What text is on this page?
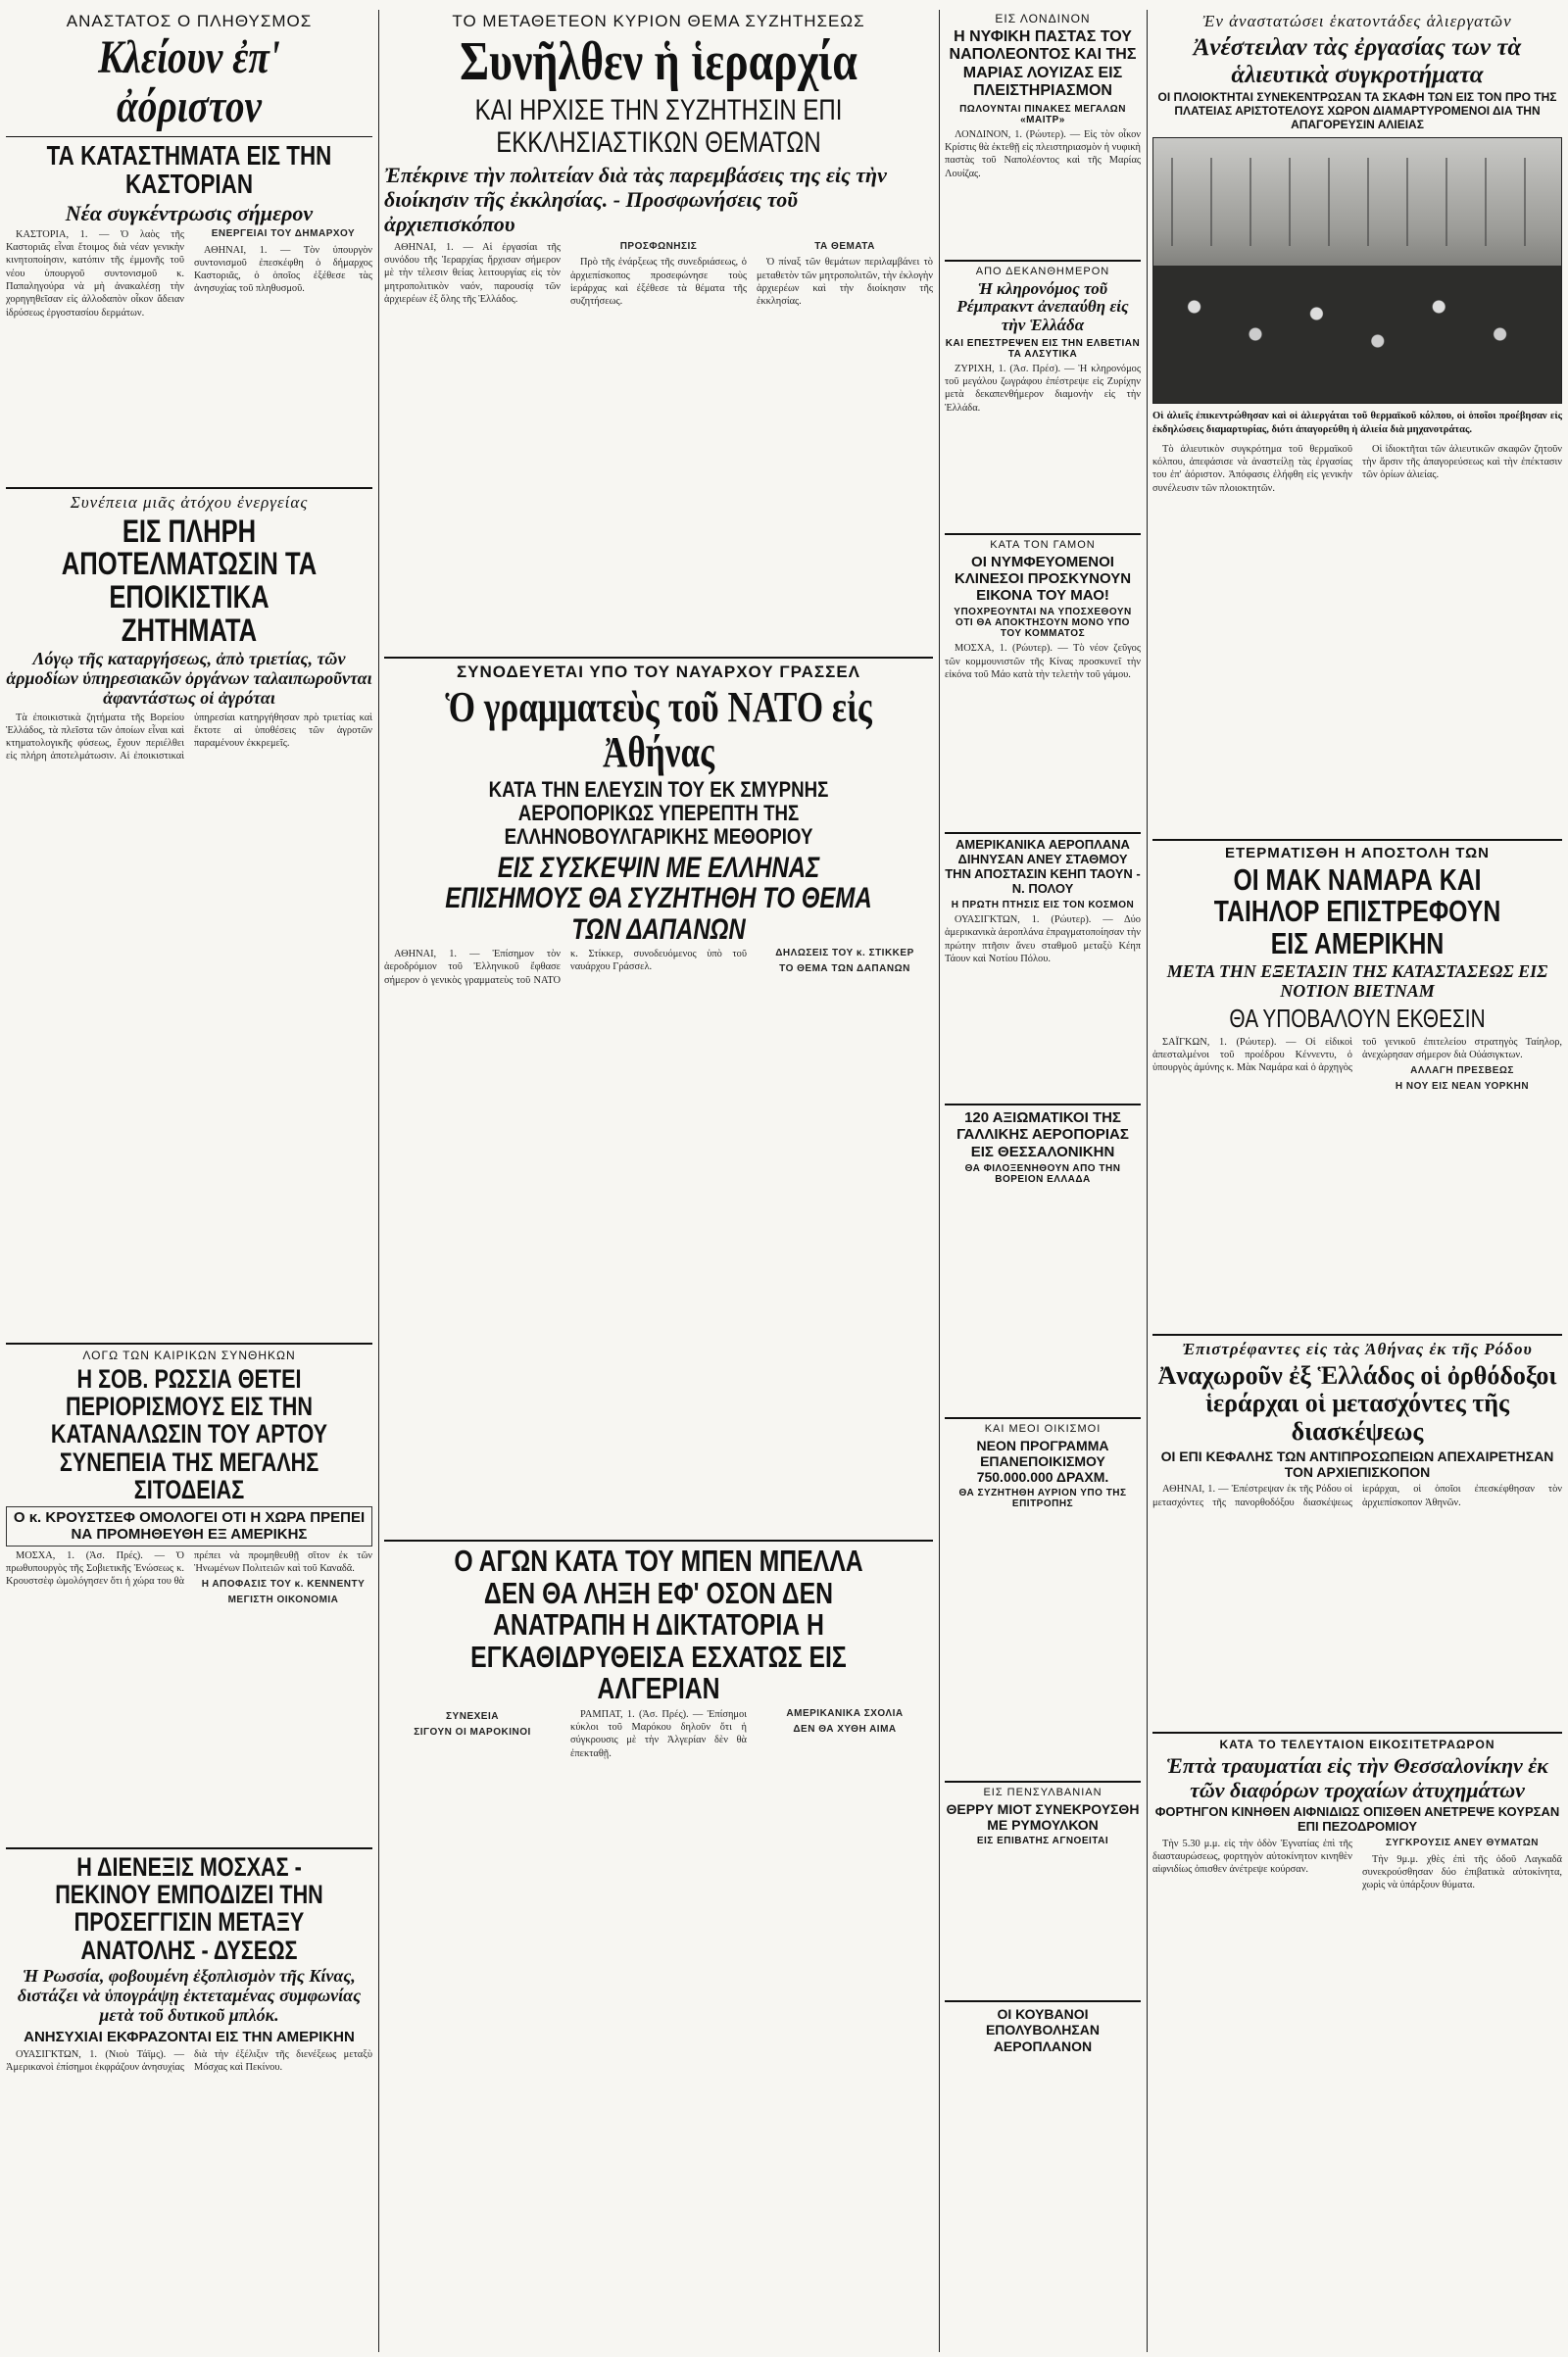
ΑΝΑΣΤΑΤΟΣ Ο ΠΛΗΘΥΣΜΟΣ
Κλείουν ἐπ' ἀόριστον
ΤΑ ΚΑΤΑΣΤΗΜΑΤΑ ΕΙΣ ΤΗΝ ΚΑΣΤΟΡΙΑΝ
Νέα συγκέντρωσις σήμερον

ΚΑΣΤΟΡΙΑ, 1. — Ὁ λαὸς τῆς Καστοριᾶς εἶναι ἕτοιμος διὰ νέαν γενικὴν κινητοποίησιν, κατόπιν τῆς ἐμμονῆς τοῦ νέου ὑπουργοῦ συντονισμοῦ κ. Παπαληγούρα νὰ μὴ ἀνακαλέσῃ τὴν χορηγηθεῖσαν εἰς ἀλλοδαπὸν οἶκον ἄδειαν ἱδρύσεως ἐργοστασίου δερμάτων.

ΕΝΕΡΓΕΙΑΙ ΤΟΥ ΔΗΜΑΡΧΟΥ

ΑΘΗΝΑΙ, 1. — Τὸν ὑπουργὸν συντονισμοῦ ἐπεσκέφθη ὁ δήμαρχος Καστοριᾶς, ὁ ὁποῖος ἐξέθεσε τὰς ἀνησυχίας τοῦ πληθυσμοῦ.

Συνέπεια μιᾶς ἀτόχου ἐνεργείας
ΕΙΣ ΠΛΗΡΗ ΑΠΟΤΕΛΜΑΤΩΣΙΝ ΤΑ ΕΠΟΙΚΙΣΤΙΚΑ ΖΗΤΗΜΑΤΑ
Λόγῳ τῆς καταργήσεως, ἀπὸ τριετίας, τῶν ἁρμοδίων ὑπηρεσιακῶν ὀργάνων ταλαιπωροῦνται ἀφαντάστως οἱ ἀγρόται

Τὰ ἐποικιστικὰ ζητήματα τῆς Βορείου Ἑλλάδος, τὰ πλεῖστα τῶν ὁποίων εἶναι καὶ κτηματολογικῆς φύσεως, ἔχουν περιέλθει εἰς πλήρη ἀποτελμάτωσιν. Αἱ ἐποικιστικαὶ ὑπηρεσίαι κατηργήθησαν πρὸ τριετίας καὶ ἔκτοτε αἱ ὑποθέσεις τῶν ἀγροτῶν παραμένουν ἐκκρεμεῖς.

ΛΟΓΩ ΤΩΝ ΚΑΙΡΙΚΩΝ ΣΥΝΘΗΚΩΝ
Η ΣΟΒ. ΡΩΣΣΙΑ ΘΕΤΕΙ ΠΕΡΙΟΡΙΣΜΟΥΣ ΕΙΣ ΤΗΝ ΚΑΤΑΝΑΛΩΣΙΝ ΤΟΥ ΑΡΤΟΥ ΣΥΝΕΠΕΙΑ ΤΗΣ ΜΕΓΑΛΗΣ ΣΙΤΟΔΕΙΑΣ
Ο κ. ΚΡΟΥΣΤΣΕΦ ΟΜΟΛΟΓΕΙ ΟΤΙ Η ΧΩΡΑ ΠΡΕΠΕΙ ΝΑ ΠΡΟΜΗΘΕΥΘΗ ΕΞ ΑΜΕΡΙΚΗΣ

ΜΟΣΧΑ, 1. (Ἀσ. Πρές). — Ὁ πρωθυπουργὸς τῆς Σοβιετικῆς Ἑνώσεως κ. Κρουστσὲφ ὡμολόγησεν ὅτι ἡ χώρα του θὰ πρέπει νὰ προμηθευθῇ σῖτον ἐκ τῶν Ἡνωμένων Πολιτειῶν καὶ τοῦ Καναδᾶ.

Η ΑΠΟΦΑΣΙΣ ΤΟΥ κ. ΚΕΝΝΕΝΤΥ
ΜΕΓΙΣΤΗ ΟΙΚΟΝΟΜΙΑ
Η ΔΙΕΝΕΞΙΣ ΜΟΣΧΑΣ - ΠΕΚΙΝΟΥ ΕΜΠΟΔΙΖΕΙ ΤΗΝ ΠΡΟΣΕΓΓΙΣΙΝ ΜΕΤΑΞΥ ΑΝΑΤΟΛΗΣ - ΔΥΣΕΩΣ
Ἡ Ρωσσία, φοβουμένη ἐξοπλισμὸν τῆς Κίνας, διστάζει νὰ ὑπογράψῃ ἐκτεταμένας συμφωνίας μετὰ τοῦ δυτικοῦ μπλόκ.
ΑΝΗΣΥΧΙΑΙ ΕΚΦΡΑΖΟΝΤΑΙ ΕΙΣ ΤΗΝ ΑΜΕΡΙΚΗΝ

ΟΥΑΣΙΓΚΤΩΝ, 1. (Νιοὺ Τάϊμς). — Ἀμερικανοὶ ἐπίσημοι ἐκφράζουν ἀνησυχίας διὰ τὴν ἐξέλιξιν τῆς διενέξεως μεταξὺ Μόσχας καὶ Πεκίνου.

ΤΟ ΜΕΤΑΘΕΤΕΟΝ ΚΥΡΙΟΝ ΘΕΜΑ ΣΥΖΗΤΗΣΕΩΣ
Συνῆλθεν ἡ ἱεραρχία
ΚΑΙ ΗΡΧΙΣΕ ΤΗΝ ΣΥΖΗΤΗΣΙΝ ΕΠΙ ΕΚΚΛΗΣΙΑΣΤΙΚΩΝ ΘΕΜΑΤΩΝ
Ἐπέκρινε τὴν πολιτείαν διὰ τὰς παρεμβάσεις της εἰς τὴν διοίκησιν τῆς ἐκκλησίας. - Προσφωνήσεις τοῦ ἀρχιεπισκόπου

ΑΘΗΝΑΙ, 1. — Αἱ ἐργασίαι τῆς συνόδου τῆς Ἱεραρχίας ἤρχισαν σήμερον μὲ τὴν τέλεσιν θείας λειτουργίας εἰς τὸν μητροπολιτικὸν ναόν, παρουσίᾳ τῶν ἀρχιερέων ἐξ ὅλης τῆς Ἑλλάδος.

ΠΡΟΣΦΩΝΗΣΙΣ

Πρὸ τῆς ἐνάρξεως τῆς συνεδριάσεως, ὁ ἀρχιεπίσκοπος προσεφώνησε τοὺς ἱεράρχας καὶ ἐξέθεσε τὰ θέματα τῆς συζητήσεως.

ΤΑ ΘΕΜΑΤΑ

Ὁ πίναξ τῶν θεμάτων περιλαμβάνει τὸ μεταθετὸν τῶν μητροπολιτῶν, τὴν ἐκλογὴν ἀρχιερέων καὶ τὴν διοίκησιν τῆς ἐκκλησίας.

ΣΥΝΟΔΕΥΕΤΑΙ ΥΠΟ ΤΟΥ ΝΑΥΑΡΧΟΥ ΓΡΑΣΣΕΛ
Ὁ γραμματεὺς τοῦ ΝΑΤΟ εἰς Ἀθήνας
ΚΑΤΑ ΤΗΝ ΕΛΕΥΣΙΝ ΤΟΥ ΕΚ ΣΜΥΡΝΗΣ ΑΕΡΟΠΟΡΙΚΩΣ ΥΠΕΡΕΠΤΗ ΤΗΣ ΕΛΛΗΝΟΒΟΥΛΓΑΡΙΚΗΣ ΜΕΘΟΡΙΟΥ
ΕΙΣ ΣΥΣΚΕΨΙΝ ΜΕ ΕΛΛΗΝΑΣ ΕΠΙΣΗΜΟΥΣ ΘΑ ΣΥΖΗΤΗΘΗ ΤΟ ΘΕΜΑ ΤΩΝ ΔΑΠΑΝΩΝ

ΑΘΗΝΑΙ, 1. — Ἐπίσημον τὸν ἀεροδρόμιον τοῦ Ἑλληνικοῦ ἔφθασε σήμερον ὁ γενικὸς γραμματεὺς τοῦ ΝΑΤΟ κ. Στίκκερ, συνοδευόμενος ὑπὸ τοῦ ναυάρχου Γράσσελ.

ΔΗΛΩΣΕΙΣ ΤΟΥ κ. ΣΤΙΚΚΕΡ
ΤΟ ΘΕΜΑ ΤΩΝ ΔΑΠΑΝΩΝ
Ο ΑΓΩΝ ΚΑΤΑ ΤΟΥ ΜΠΕΝ ΜΠΕΛΛΑ ΔΕΝ ΘΑ ΛΗΞΗ ΕΦ' ΟΣΟΝ ΔΕΝ ΑΝΑΤΡΑΠΗ Η ΔΙΚΤΑΤΟΡΙΑ Η ΕΓΚΑΘΙΔΡΥΘΕΙΣΑ ΕΣΧΑΤΩΣ ΕΙΣ ΑΛΓΕΡΙΑΝ
ΣΥΝΕΧΕΙΑ
ΣΙΓΟΥΝ ΟΙ ΜΑΡΟΚΙΝΟΙ

ΡΑΜΠΑΤ, 1. (Ἀσ. Πρές). — Ἐπίσημοι κύκλοι τοῦ Μαρόκου δηλοῦν ὅτι ἡ σύγκρουσις μὲ τὴν Ἀλγερίαν δὲν θὰ ἐπεκταθῇ.

ΑΜΕΡΙΚΑΝΙΚΑ ΣΧΟΛΙΑ
ΔΕΝ ΘΑ ΧΥΘΗ ΑΙΜΑ
ΕΙΣ ΛΟΝΔΙΝΟΝ
Η ΝΥΦΙΚΗ ΠΑΣΤΑΣ ΤΟΥ ΝΑΠΟΛΕΟΝΤΟΣ ΚΑΙ ΤΗΣ ΜΑΡΙΑΣ ΛΟΥΙΖΑΣ ΕΙΣ ΠΛΕΙΣΤΗΡΙΑΣΜΟΝ
ΠΩΛΟΥΝΤΑΙ ΠΙΝΑΚΕΣ ΜΕΓΑΛΩΝ «ΜΑΙΤΡ»

ΛΟΝΔΙΝΟΝ, 1. (Ρώυτερ). — Εἰς τὸν οἶκον Κρίστις θὰ ἐκτεθῇ εἰς πλειστηριασμὸν ἡ νυφικὴ παστὰς τοῦ Ναπολέοντος καὶ τῆς Μαρίας Λουίζας.

ΑΠΟ ΔΕΚΑΝΘΗΜΕΡΟΝ
Ἡ κληρονόμος τοῦ Ρέμπρακντ ἀνεπαύθη εἰς τὴν Ἑλλάδα
ΚΑΙ ΕΠΕΣΤΡΕΨΕΝ ΕΙΣ ΤΗΝ ΕΛΒΕΤΙΑΝ ΤΑ ΑΛΣΥΤΙΚΑ

ΖΥΡΙΧΗ, 1. (Ἀσ. Πρέσ). — Ἡ κληρονόμος τοῦ μεγάλου ζωγράφου ἐπέστρεψε εἰς Ζυρίχην μετὰ δεκαπενθήμερον διαμονὴν εἰς τὴν Ἑλλάδα.

ΚΑΤΑ ΤΟΝ ΓΑΜΟΝ
ΟΙ ΝΥΜΦΕΥΟΜΕΝΟΙ ΚΛΙΝΕΣΟΙ ΠΡΟΣΚΥΝΟΥΝ ΕΙΚΟΝΑ ΤΟΥ ΜΑΟ!
ΥΠΟΧΡΕΟΥΝΤΑΙ ΝΑ ΥΠΟΣΧΕΘΟΥΝ ΟΤΙ ΘΑ ΑΠΟΚΤΗΣΟΥΝ ΜΟΝΟ ΥΠΟ ΤΟΥ ΚΟΜΜΑΤΟΣ

ΜΟΣΧΑ, 1. (Ρώυτερ). — Τὸ νέον ζεῦγος τῶν κομμουνιστῶν τῆς Κίνας προσκυνεῖ τὴν εἰκόνα τοῦ Μάο κατὰ τὴν τελετὴν τοῦ γάμου.

ΑΜΕΡΙΚΑΝΙΚΑ ΑΕΡΟΠΛΑΝΑ ΔΙΗΝΥΣΑΝ ΑΝΕΥ ΣΤΑΘΜΟΥ ΤΗΝ ΑΠΟΣΤΑΣΙΝ ΚΕΗΠ ΤΑΟΥΝ - Ν. ΠΟΛΟΥ
Η ΠΡΩΤΗ ΠΤΗΣΙΣ ΕΙΣ ΤΟΝ ΚΟΣΜΟΝ

ΟΥΑΣΙΓΚΤΩΝ, 1. (Ρώυτερ). — Δύο ἀμερικανικὰ ἀεροπλάνα ἐπραγματοποίησαν τὴν πρώτην πτῆσιν ἄνευ σταθμοῦ μεταξὺ Κέηπ Τάουν καὶ Νοτίου Πόλου.

120 ΑΞΙΩΜΑΤΙΚΟΙ ΤΗΣ ΓΑΛΛΙΚΗΣ ΑΕΡΟΠΟΡΙΑΣ ΕΙΣ ΘΕΣΣΑΛΟΝΙΚΗΝ
ΘΑ ΦΙΛΟΞΕΝΗΘΟΥΝ ΑΠΟ ΤΗΝ ΒΟΡΕΙΟΝ ΕΛΛΑΔΑ
ΚΑΙ ΜΕΟΙ ΟΙΚΙΣΜΟΙ
ΝΕΟΝ ΠΡΟΓΡΑΜΜΑ ΕΠΑΝΕΠΟΙΚΙΣΜΟΥ 750.000.000 ΔΡΑΧΜ.
ΘΑ ΣΥΖΗΤΗΘΗ ΑΥΡΙΟΝ ΥΠΟ ΤΗΣ ΕΠΙΤΡΟΠΗΣ
ΕΙΣ ΠΕΝΣΥΛΒΑΝΙΑΝ
ΘΕΡΡΥ ΜΙΟΤ ΣΥΝΕΚΡΟΥΣΘΗ ΜΕ ΡΥΜΟΥΛΚΟΝ
ΕΙΣ ΕΠΙΒΑΤΗΣ ΑΓΝΟΕΙΤΑΙ
ΟΙ ΚΟΥΒΑΝΟΙ ΕΠΟΛΥΒΟΛΗΣΑΝ ΑΕΡΟΠΛΑΝΟΝ
Ἐν ἀναστατώσει ἑκατοντάδες ἁλιεργατῶν
Ἀνέστειλαν τὰς ἐργασίας των τὰ ἁλιευτικὰ συγκροτήματα
ΟΙ ΠΛΟΙΟΚΤΗΤΑΙ ΣΥΝΕΚΕΝΤΡΩΣΑΝ ΤΑ ΣΚΑΦΗ ΤΩΝ ΕΙΣ ΤΟΝ ΠΡΟ ΤΗΣ ΠΛΑΤΕΙΑΣ ΑΡΙΣΤΟΤΕΛΟΥΣ ΧΩΡΟΝ ΔΙΑΜΑΡΤΥΡΟΜΕΝΟΙ ΔΙΑ ΤΗΝ ΑΠΑΓΟΡΕΥΣΙΝ ΑΛΙΕΙΑΣ
Οἱ ἁλιεῖς ἐπικεντρώθησαν καὶ οἱ ἀλιεργάται τοῦ θερμαϊκοῦ κόλπου, οἱ ὁποῖοι προέβησαν εἰς ἐκδηλώσεις διαμαρτυρίας, διότι ἀπαγορεύθη ἡ ἁλιεία διὰ μηχανοτράτας.

Τὸ ἁλιευτικὸν συγκρότημα τοῦ θερμαϊκοῦ κόλπου, ἀπεφάσισε νὰ ἀναστείλῃ τὰς ἐργασίας του ἐπ' ἀόριστον. Ἀπόφασις ἐλήφθη εἰς γενικὴν συνέλευσιν τῶν πλοιοκτητῶν.

Οἱ ἰδιοκτῆται τῶν ἁλιευτικῶν σκαφῶν ζητοῦν τὴν ἄρσιν τῆς ἀπαγορεύσεως καὶ τὴν ἐπέκτασιν τῶν ὁρίων ἁλιείας.

ΕΤΕΡΜΑΤΙΣΘΗ Η ΑΠΟΣΤΟΛΗ ΤΩΝ
ΟΙ ΜΑΚ ΝΑΜΑΡΑ ΚΑΙ ΤΑΙΗΛΟΡ ΕΠΙΣΤΡΕΦΟΥΝ ΕΙΣ ΑΜΕΡΙΚΗΝ
ΜΕΤΑ ΤΗΝ ΕΞΕΤΑΣΙΝ ΤΗΣ ΚΑΤΑΣΤΑΣΕΩΣ ΕΙΣ ΝΟΤΙΟΝ ΒΙΕΤΝΑΜ
ΘΑ ΥΠΟΒΑΛΟΥΝ ΕΚΘΕΣΙΝ

ΣΑΪΓΚΩΝ, 1. (Ρώυτερ). — Οἱ εἰδικοὶ ἀπεσταλμένοι τοῦ προέδρου Κέννεντυ, ὁ ὑπουργὸς ἀμύνης κ. Μὰκ Ναμάρα καὶ ὁ ἀρχηγὸς τοῦ γενικοῦ ἐπιτελείου στρατηγὸς Ταίηλορ, ἀνεχώρησαν σήμερον διὰ Οὐάσιγκτων.

ΑΛΛΑΓΗ ΠΡΕΣΒΕΩΣ
Η ΝΟΥ ΕΙΣ ΝΕΑΝ ΥΟΡΚΗΝ
Ἐπιστρέφαντες εἰς τὰς Ἀθήνας ἐκ τῆς Ρόδου
Ἀναχωροῦν ἐξ Ἑλλάδος οἱ ὀρθόδοξοι ἱεράρχαι οἱ μετασχόντες τῆς διασκέψεως
ΟΙ ΕΠΙ ΚΕΦΑΛΗΣ ΤΩΝ ΑΝΤΙΠΡΟΣΩΠΕΙΩΝ ΑΠΕΧΑΙΡΕΤΗΣΑΝ ΤΟΝ ΑΡΧΙΕΠΙΣΚΟΠΟΝ

ΑΘΗΝΑΙ, 1. — Ἐπέστρεψαν ἐκ τῆς Ρόδου οἱ μετασχόντες τῆς πανορθοδόξου διασκέψεως ἱεράρχαι, οἱ ὁποῖοι ἐπεσκέφθησαν τὸν ἀρχιεπίσκοπον Ἀθηνῶν.

ΚΑΤΑ ΤΟ ΤΕΛΕΥΤΑΙΟΝ ΕΙΚΟΣΙΤΕΤΡΑΩΡΟΝ
Ἑπτὰ τραυματίαι εἰς τὴν Θεσσαλονίκην ἐκ τῶν διαφόρων τροχαίων ἀτυχημάτων
ΦΟΡΤΗΓΟΝ ΚΙΝΗΘΕΝ ΑΙΦΝΙΔΙΩΣ ΟΠΙΣΘΕΝ ΑΝΕΤΡΕΨΕ ΚΟΥΡΣΑΝ ΕΠΙ ΠΕΖΟΔΡΟΜΙΟΥ

Τὴν 5.30 μ.μ. εἰς τὴν ὁδὸν Ἐγνατίας ἐπὶ τῆς διασταυρώσεως, φορτηγὸν αὐτοκίνητον κινηθὲν αἰφνιδίως ὀπισθεν ἀνέτρεψε κούρσαν.

ΣΥΓΚΡΟΥΣΙΣ ΑΝΕΥ ΘΥΜΑΤΩΝ

Τὴν 9μ.μ. χθὲς ἐπὶ τῆς ὁδοῦ Λαγκαδᾶ συνεκρούσθησαν δύο ἐπιβατικὰ αὐτοκίνητα, χωρὶς νὰ ὑπάρξουν θύματα.
